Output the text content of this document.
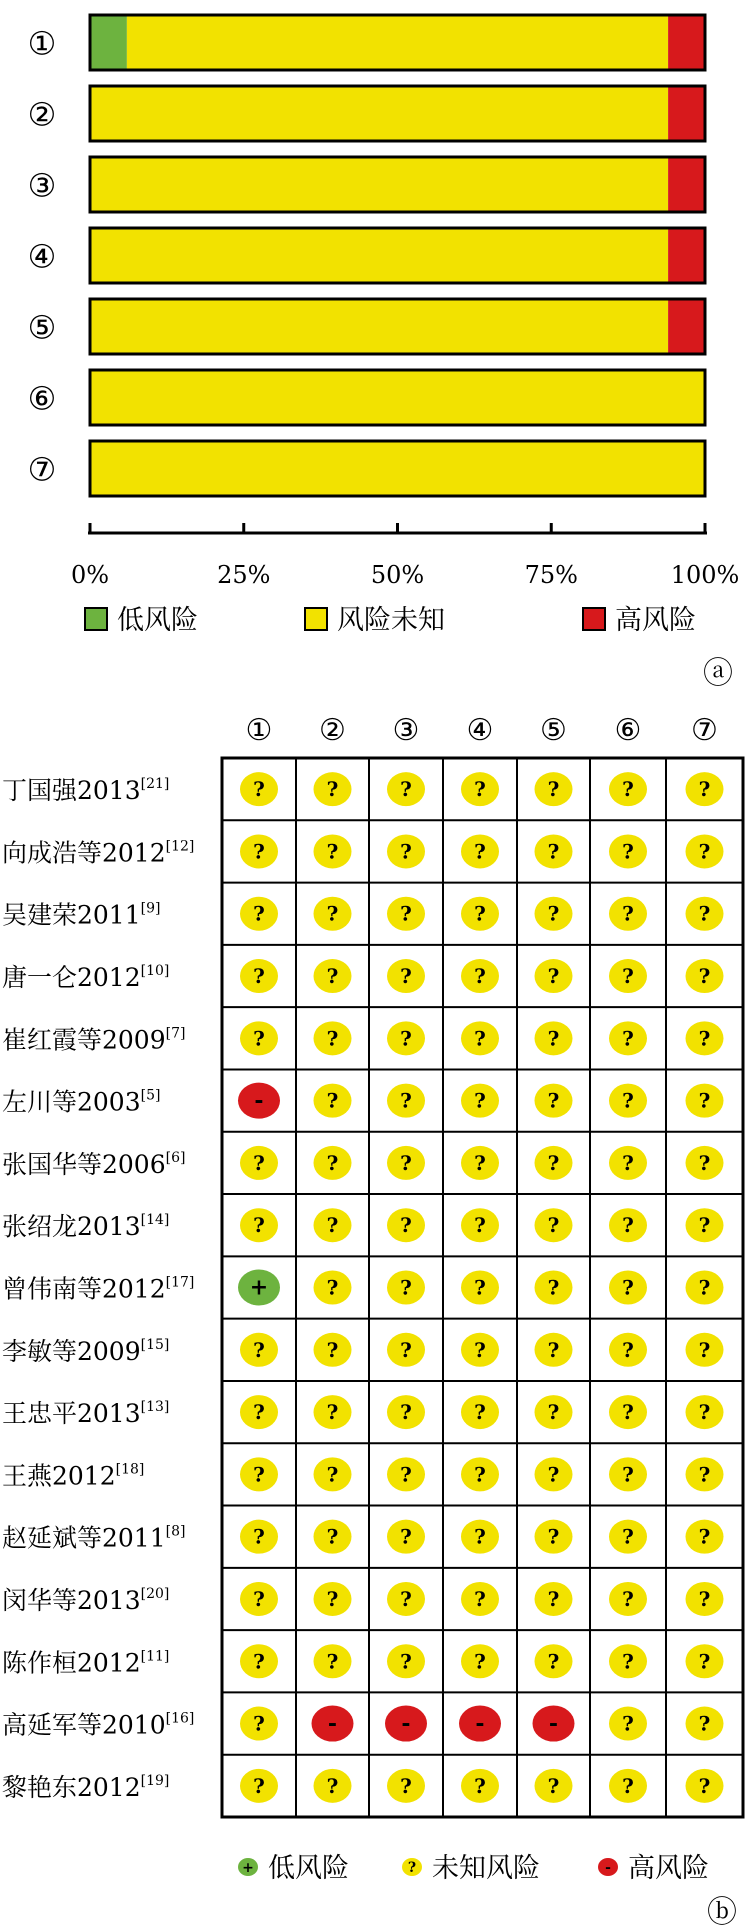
①
②
③
④
⑤
⑥
⑦
0%	25%	50%	75%	100%
低风险	风险未知	高风险
ⓐ
① ② ③ ④ ⑤ ⑥ ⑦
丁国强2013[21]	?	?	?	?	?	?	?
向成浩等2012[12]	?	?	?	?	?	?	?
吴建荣2011[9]	?	?	?	?	?	?	?
唐一仑2012[10]	?	?	?	?	?	?	?
崔红霞等2009[7]	?	?	?	?	?	?	?
左川等2003[5]	-	?	?	?	?	?	?
张国华等2006[6]	?	?	?	?	?	?	?
张绍龙2013[14]	?	?	?	?	?	?	?
曾伟南等2012[17]	+	?	?	?	?	?	?
李敏等2009[15]	?	?	?	?	?	?	?
王忠平2013[13]	?	?	?	?	?	?	?
王燕2012[18]	?	?	?	?	?	?	?
赵延斌等2011[8]	?	?	?	?	?	?	?
闵华等2013[20]	?	?	?	?	?	?	?
陈作桓2012[11]	?	?	?	?	?	?	?
高延军等2010[16]	?	-	-	-	-	?	?
黎艳东2012[19]	?	?	?	?	?	?	?
+ 低风险	? 未知风险	- 高风险
ⓑ
